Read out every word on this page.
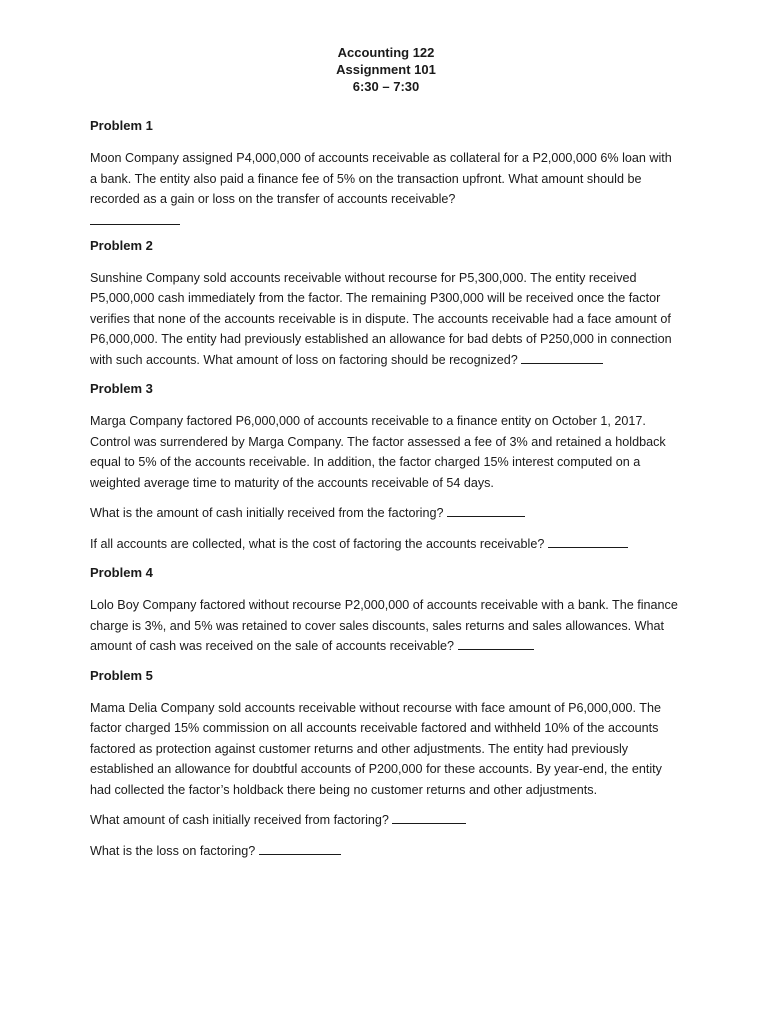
Accounting 122
Assignment 101
6:30 – 7:30
Problem 1

Moon Company assigned P4,000,000 of accounts receivable as collateral for a P2,000,000 6% loan with a bank. The entity also paid a finance fee of 5% on the transaction upfront. What amount should be recorded as a gain or loss on the transfer of accounts receivable?

Problem 2

Sunshine Company sold accounts receivable without recourse for P5,300,000. The entity received P5,000,000 cash immediately from the factor. The remaining P300,000 will be received once the factor verifies that none of the accounts receivable is in dispute. The accounts receivable had a face amount of P6,000,000. The entity had previously established an allowance for bad debts of P250,000 in connection with such accounts. What amount of loss on factoring should be recognized?

Problem 3

Marga Company factored P6,000,000 of accounts receivable to a finance entity on October 1, 2017. Control was surrendered by Marga Company. The factor assessed a fee of 3% and retained a holdback equal to 5% of the accounts receivable. In addition, the factor charged 15% interest computed on a weighted average time to maturity of the accounts receivable of 54 days.

What is the amount of cash initially received from the factoring?

If all accounts are collected, what is the cost of factoring the accounts receivable?

Problem 4

Lolo Boy Company factored without recourse P2,000,000 of accounts receivable with a bank. The finance charge is 3%, and 5% was retained to cover sales discounts, sales returns and sales allowances. What amount of cash was received on the sale of accounts receivable?

Problem 5

Mama Delia Company sold accounts receivable without recourse with face amount of P6,000,000. The factor charged 15% commission on all accounts receivable factored and withheld 10% of the accounts factored as protection against customer returns and other adjustments. The entity had previously established an allowance for doubtful accounts of P200,000 for these accounts. By year-end, the entity had collected the factor’s holdback there being no customer returns and other adjustments.

What amount of cash initially received from factoring?

What is the loss on factoring?
